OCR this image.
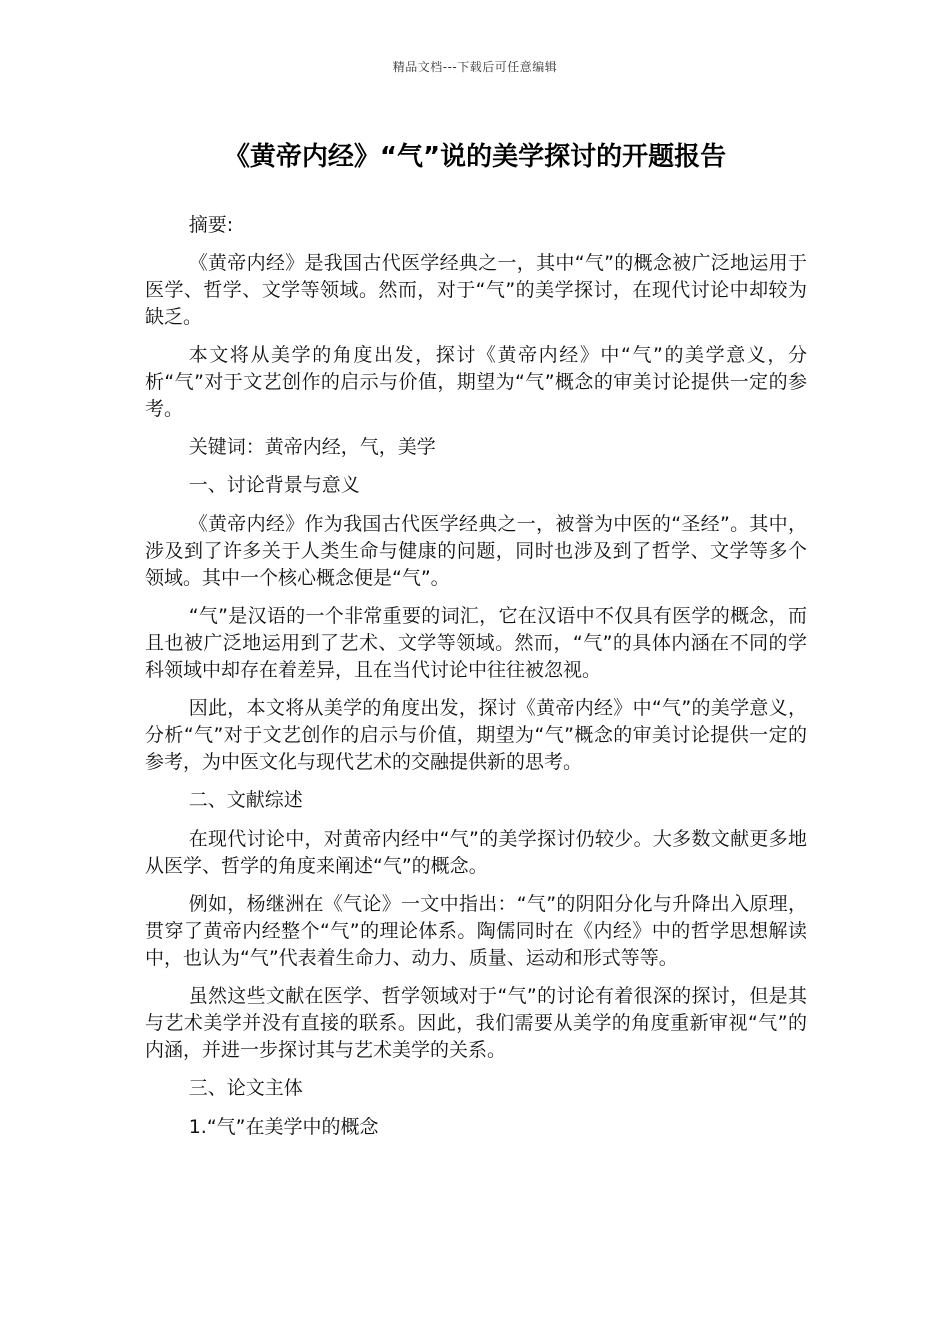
精品文档---下载后可任意编辑
《黄帝内经》“气”说的美学探讨的开题报告

摘要:

《黄帝内经》是我国古代医学经典之一，其中“气”的概念被广泛地运用于医学、哲学、文学等领域。然而，对于“气”的美学探讨，在现代讨论中却较为缺乏。

本文将从美学的角度出发，探讨《黄帝内经》中“气”的美学意义，分析“气”对于文艺创作的启示与价值，期望为“气”概念的审美讨论提供一定的参考。

关键词：黄帝内经，气，美学

一、讨论背景与意义

《黄帝内经》作为我国古代医学经典之一，被誉为中医的“圣经”。其中，涉及到了许多关于人类生命与健康的问题，同时也涉及到了哲学、文学等多个领域。其中一个核心概念便是“气”。

“气”是汉语的一个非常重要的词汇，它在汉语中不仅具有医学的概念，而且也被广泛地运用到了艺术、文学等领域。然而，“气”的具体内涵在不同的学科领域中却存在着差异，且在当代讨论中往往被忽视。

因此，本文将从美学的角度出发，探讨《黄帝内经》中“气”的美学意义，分析“气”对于文艺创作的启示与价值，期望为“气”概念的审美讨论提供一定的参考，为中医文化与现代艺术的交融提供新的思考。

二、文献综述

在现代讨论中，对黄帝内经中“气”的美学探讨仍较少。大多数文献更多地从医学、哲学的角度来阐述“气”的概念。

例如，杨继洲在《气论》一文中指出：“气”的阴阳分化与升降出入原理，贯穿了黄帝内经整个“气”的理论体系。陶儒同时在《内经》中的哲学思想解读中，也认为“气”代表着生命力、动力、质量、运动和形式等等。

虽然这些文献在医学、哲学领域对于“气”的讨论有着很深的探讨，但是其与艺术美学并没有直接的联系。因此，我们需要从美学的角度重新审视“气”的内涵，并进一步探讨其与艺术美学的关系。

三、论文主体

1.“气”在美学中的概念
